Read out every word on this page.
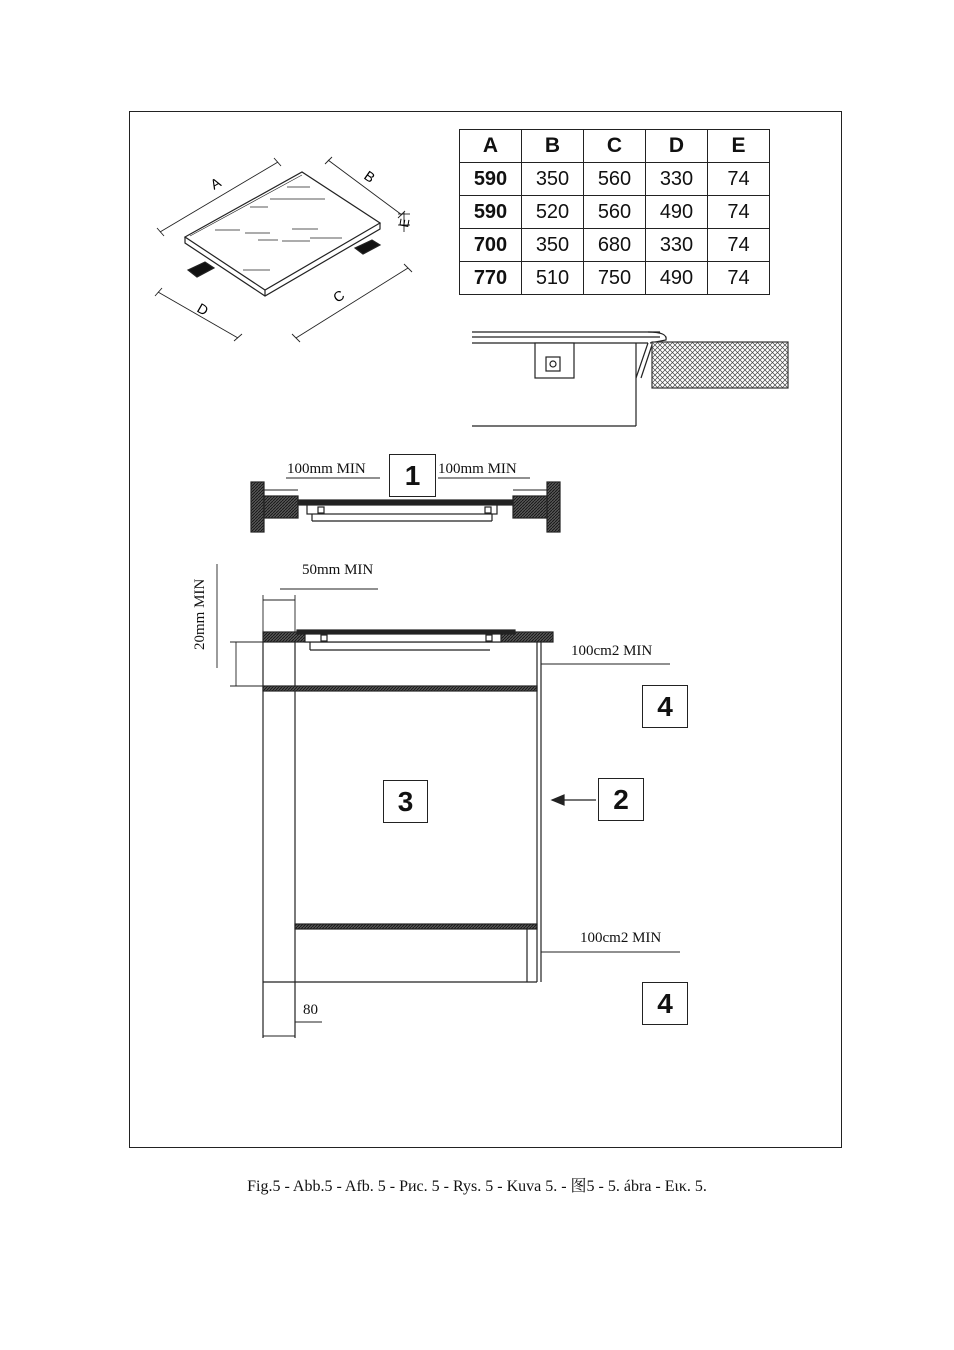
A	B	C	D	E
590	350	560	330	74
590	520	560	490	74
700	350	680	330	74
770	510	750	490	74
A	B
E
D
C
100mm MIN	100mm MIN
50mm MIN
20mm MIN
100cm2 MIN
100cm2 MIN
80
1
2
3
4
4
Fig.5 - Abb.5 - Afb. 5 - Рис. 5 - Rys. 5 - Kuva 5. - 图5 - 5. ábra - Εικ. 5.
